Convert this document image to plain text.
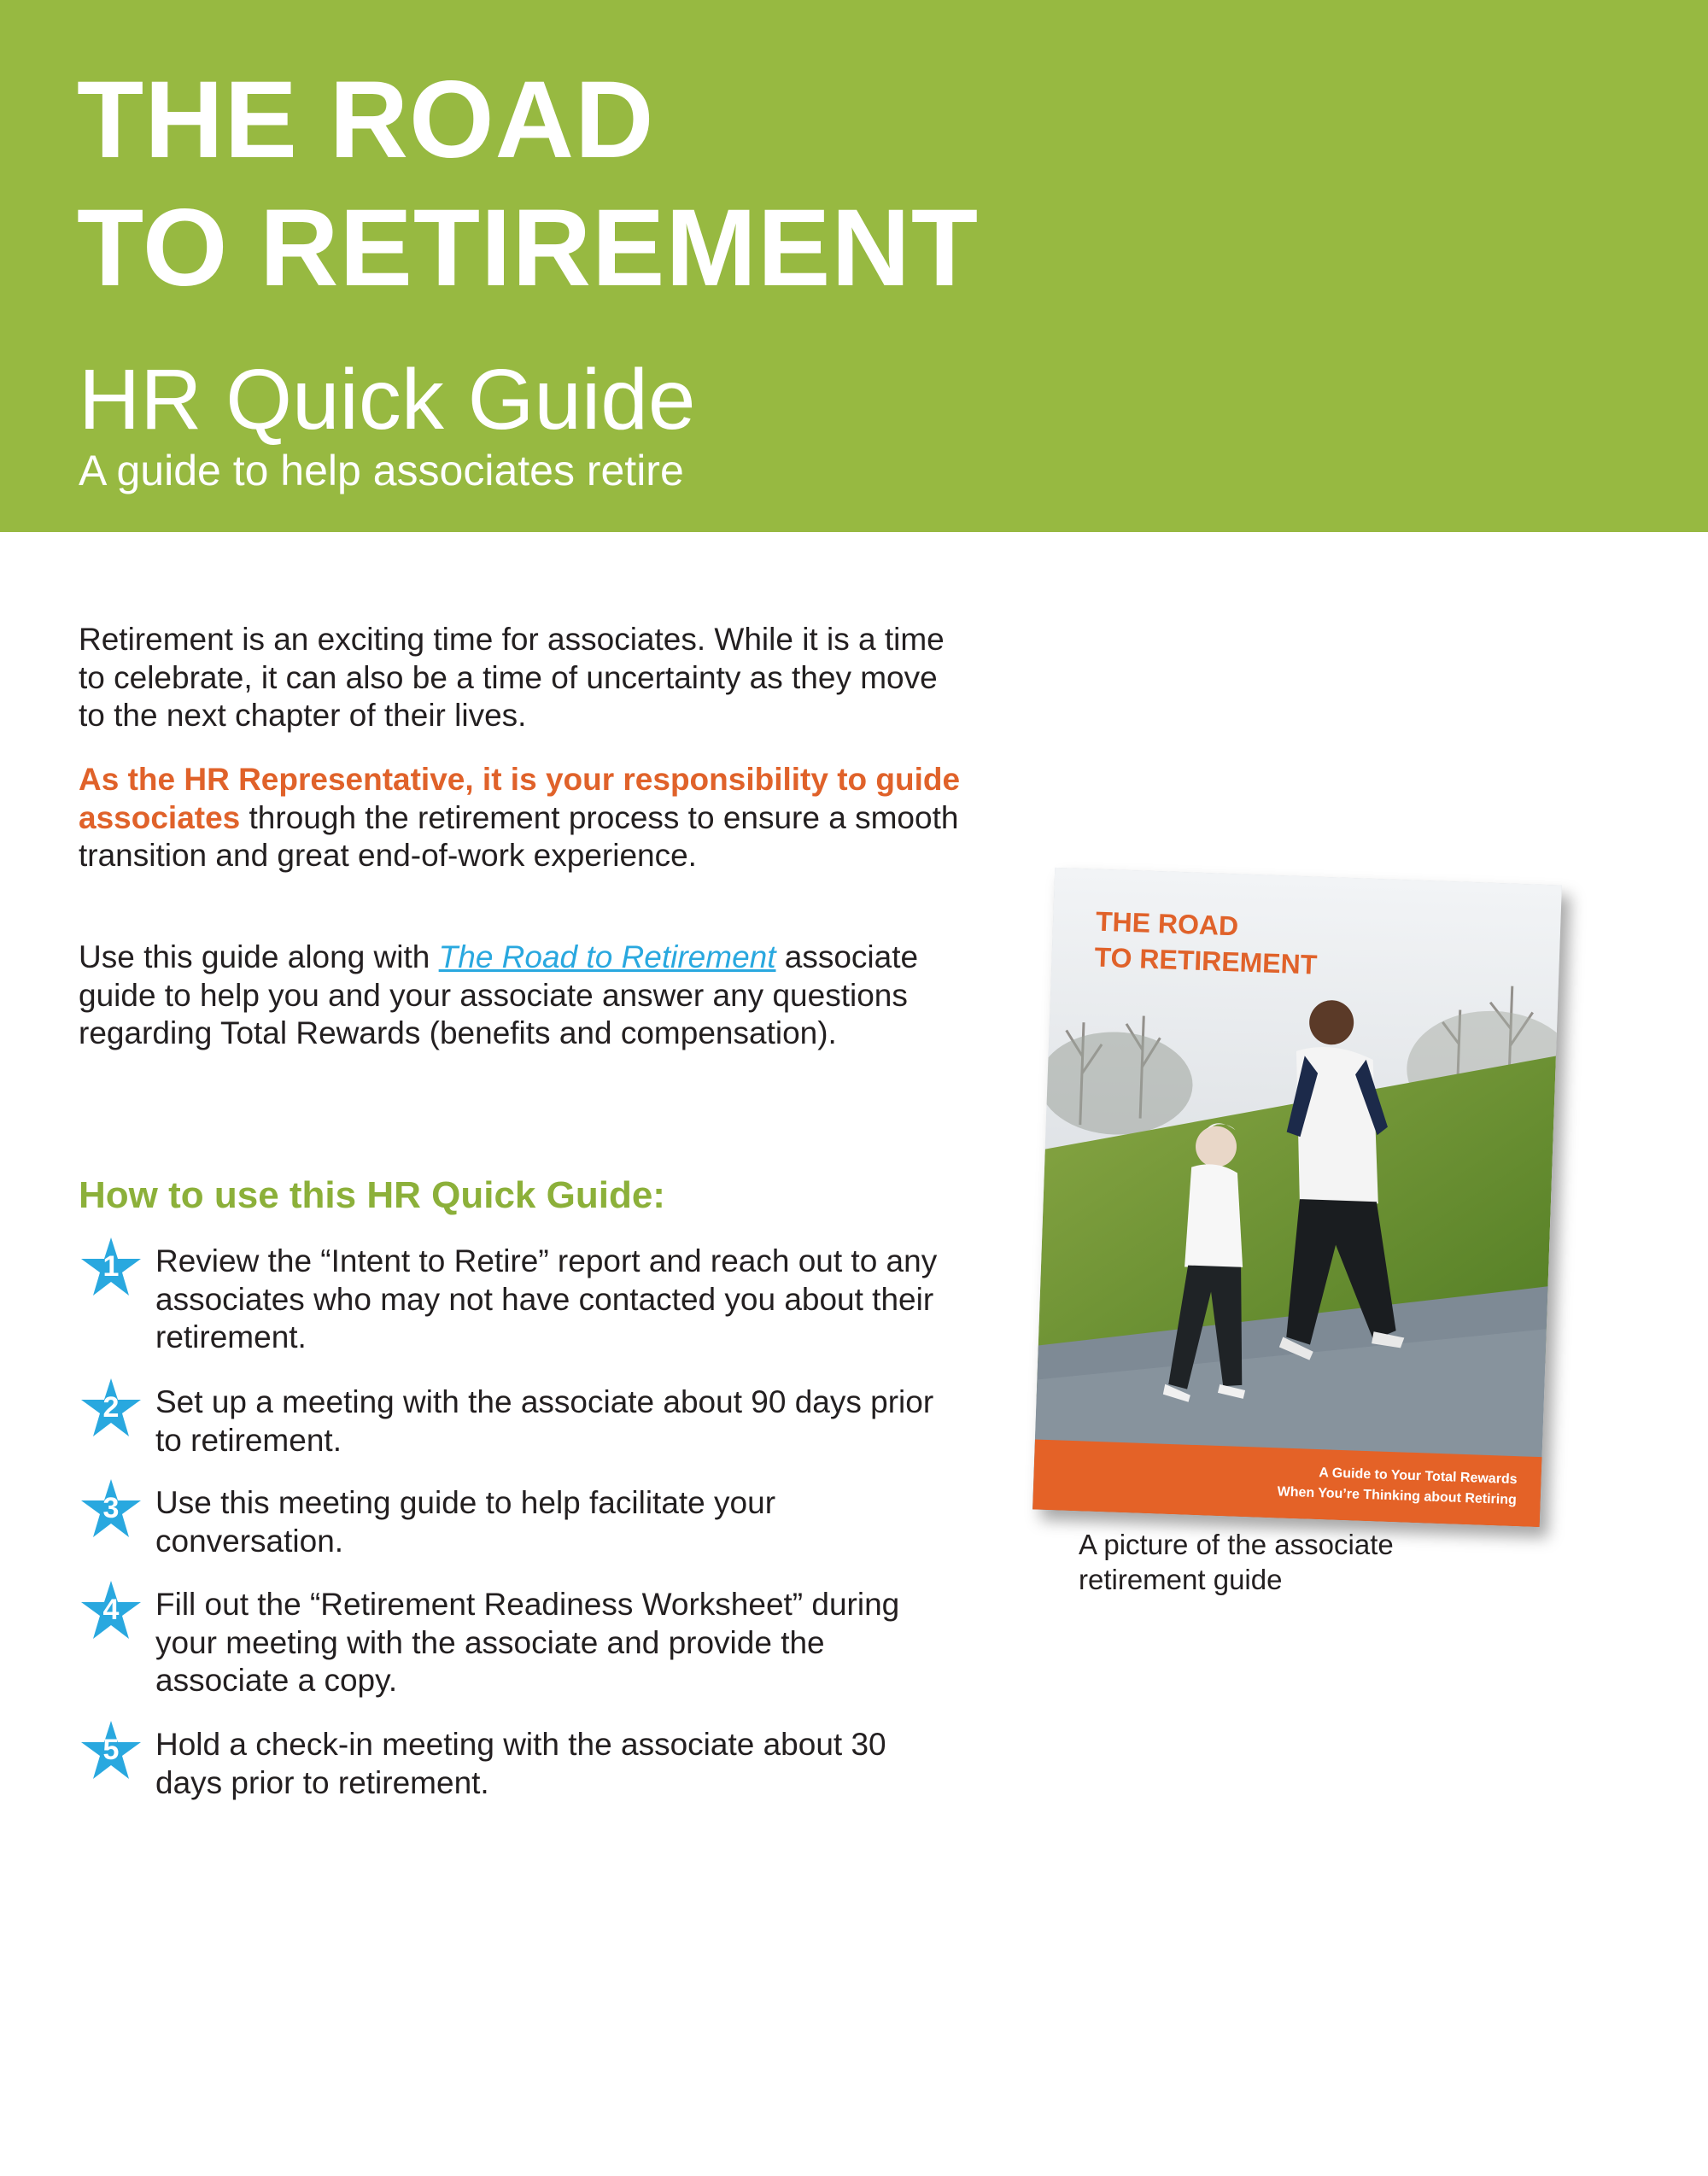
THE ROAD
TO RETIREMENT

HR Quick Guide

A guide to help associates retire

Retirement is an exciting time for associates. While it is a time to celebrate, it can also be a time of uncertainty as they move to the next chapter of their lives.

As the HR Representative, it is your responsibility to guide associates through the retirement process to ensure a smooth transition and great end-of-work experience.

Use this guide along with The Road to Retirement associate guide to help you and your associate answer any questions regarding Total Rewards (benefits and compensation).

How to use this HR Quick Guide:
1	Review the “Intent to Retire” report and reach out to any associates who may not have contacted you about their retirement.

2	Set up a meeting with the associate about 90 days prior to retirement.

3	Use this meeting guide to help facilitate your conversation.

4	Fill out the “Retirement Readiness Worksheet” during your meeting with the associate and provide the associate a copy.

5	Hold a check-in meeting with the associate about 30 days prior to retirement.

THE ROAD
TO RETIREMENT

A Guide to Your Total Rewards
When You’re Thinking about Retiring

A picture of the associate retirement guide
